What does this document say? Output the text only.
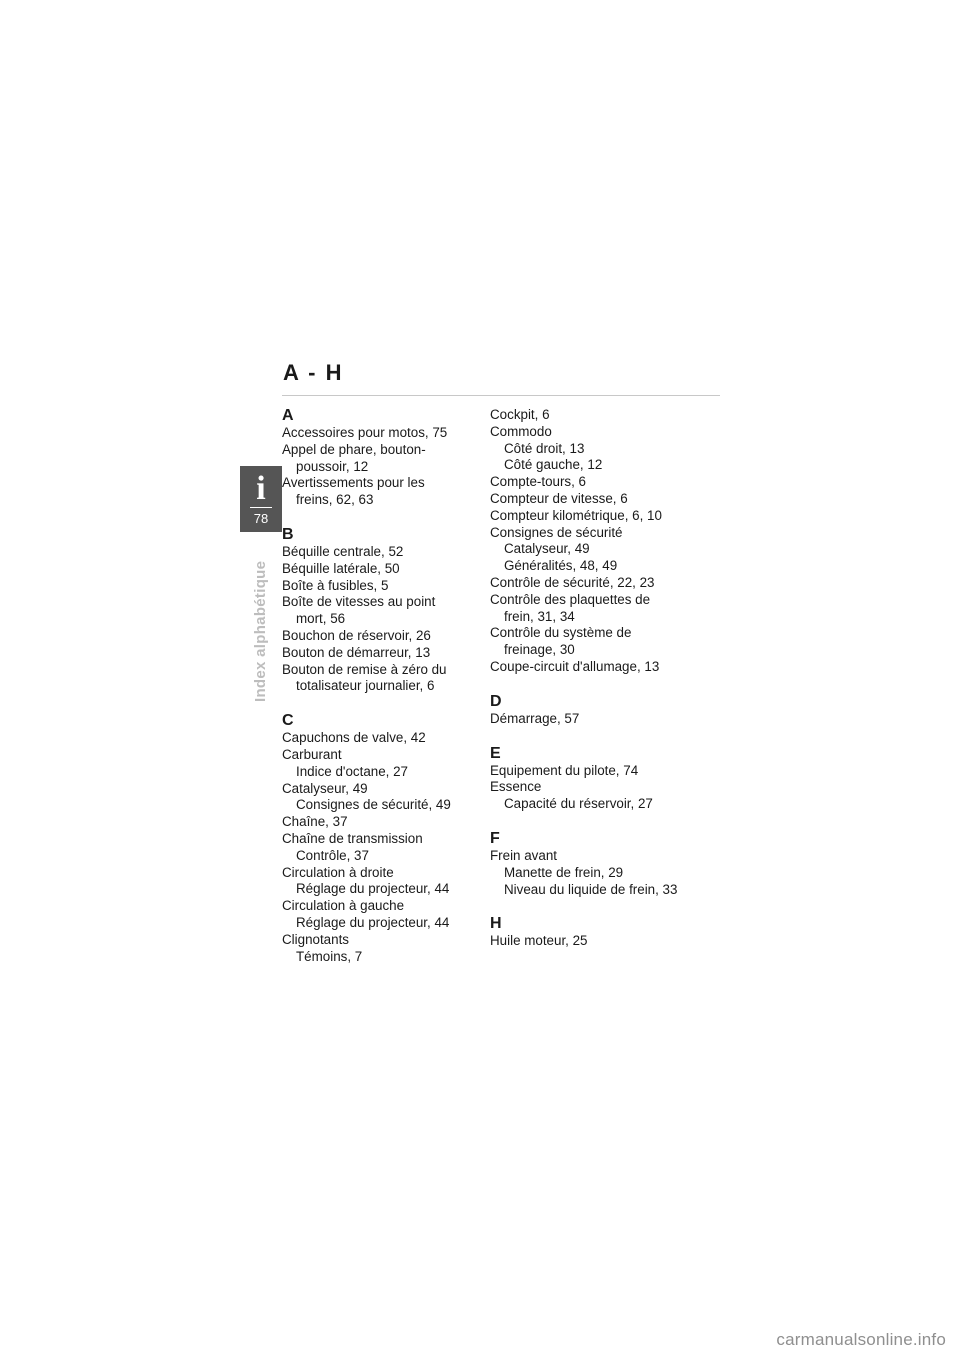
A - H
i
78
Index alphabétique
A
Accessoires pour motos, 75
Appel de phare, bouton-
poussoir, 12
Avertissements pour les
freins, 62, 63
B
Béquille centrale, 52
Béquille latérale, 50
Boîte à fusibles, 5
Boîte de vitesses au point
mort, 56
Bouchon de réservoir, 26
Bouton de démarreur, 13
Bouton de remise à zéro du
totalisateur journalier, 6
C
Capuchons de valve, 42
Carburant
Indice d'octane, 27
Catalyseur, 49
Consignes de sécurité, 49
Chaîne, 37
Chaîne de transmission
Contrôle, 37
Circulation à droite
Réglage du projecteur, 44
Circulation à gauche
Réglage du projecteur, 44
Clignotants
Témoins, 7
Cockpit, 6
Commodo
Côté droit, 13
Côté gauche, 12
Compte-tours, 6
Compteur de vitesse, 6
Compteur kilométrique, 6, 10
Consignes de sécurité
Catalyseur, 49
Généralités, 48, 49
Contrôle de sécurité, 22, 23
Contrôle des plaquettes de
frein, 31, 34
Contrôle du système de
freinage, 30
Coupe-circuit d'allumage, 13
D
Démarrage, 57
E
Equipement du pilote, 74
Essence
Capacité du réservoir, 27
F
Frein avant
Manette de frein, 29
Niveau du liquide de frein, 33
H
Huile moteur, 25
carmanualsonline.info
